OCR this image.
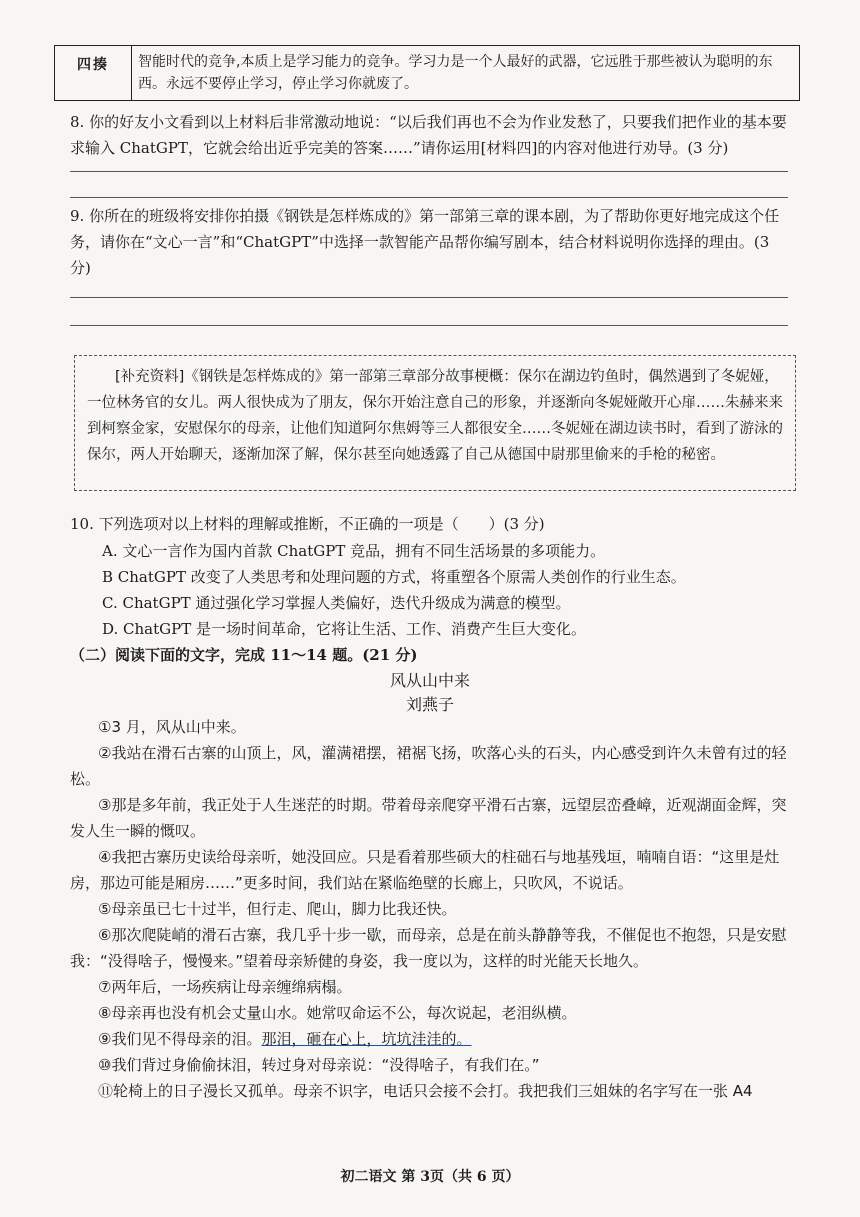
四揍	智能时代的竞争,本质上是学习能力的竞争。学习力是一个人最好的武器，它远胜于那些被认为聪明的东西。永远不要停止学习，停止学习你就废了。
8. 你的好友小文看到以上材料后非常激动地说：“以后我们再也不会为作业发愁了，只要我们把作业的基本要求输入 ChatGPT，它就会给出近乎完美的答案……”请你运用[材料四]的内容对他进行劝导。(3 分)
9. 你所在的班级将安排你拍摄《钢铁是怎样炼成的》第一部第三章的课本剧，为了帮助你更好地完成这个任务，请你在“文心一言”和“ChatGPT”中选择一款智能产品帮你编写剧本，结合材料说明你选择的理由。(3 分)
[补充资料]《钢铁是怎样炼成的》第一部第三章部分故事梗概：保尔在湖边钓鱼时，偶然遇到了冬妮娅，一位林务官的女儿。两人很快成为了朋友，保尔开始注意自己的形象，并逐渐向冬妮娅敞开心扉……朱赫来来到柯察金家，安慰保尔的母亲，让他们知道阿尔焦姆等三人都很安全……冬妮娅在湖边读书时，看到了游泳的保尔，两人开始聊天，逐渐加深了解，保尔甚至向她透露了自己从德国中尉那里偷来的手枪的秘密。
10. 下列选项对以上材料的理解或推断，不正确的一项是（　　）(3 分)
A. 文心一言作为国内首款 ChatGPT 竞品，拥有不同生活场景的多项能力。
B ChatGPT 改变了人类思考和处理问题的方式，将重塑各个原需人类创作的行业生态。
C. ChatGPT 通过强化学习掌握人类偏好，迭代升级成为满意的模型。
D. ChatGPT 是一场时间革命，它将让生活、工作、消费产生巨大变化。
（二）阅读下面的文字，完成 11～14 题。(21 分)
风从山中来
刘燕子
①3 月，风从山中来。
②我站在滑石古寨的山顶上，风，灌满裙摆，裙裾飞扬，吹落心头的石头，内心感受到许久未曾有过的轻松。
③那是多年前，我正处于人生迷茫的时期。带着母亲爬穿平滑石古寨，远望层峦叠嶂，近观湖面金辉，突发人生一瞬的慨叹。
④我把古寨历史读给母亲听，她没回应。只是看着那些硕大的柱础石与地基残垣，喃喃自语：“这里是灶房，那边可能是厢房……”更多时间，我们站在紧临绝壁的长廊上，只吹风，不说话。
⑤母亲虽已七十过半，但行走、爬山，脚力比我还快。
⑥那次爬陡峭的滑石古寨，我几乎十步一歇，而母亲，总是在前头静静等我，不催促也不抱怨，只是安慰我：“没得啥子，慢慢来。”望着母亲矫健的身姿，我一度以为，这样的时光能天长地久。
⑦两年后，一场疾病让母亲缠绵病榻。
⑧母亲再也没有机会丈量山水。她常叹命运不公，每次说起，老泪纵横。
⑨我们见不得母亲的泪。那泪，砸在心上，坑坑洼洼的。
⑩我们背过身偷偷抹泪，转过身对母亲说：“没得啥子，有我们在。”
⑪轮椅上的日子漫长又孤单。母亲不识字，电话只会接不会打。我把我们三姐妹的名字写在一张 A4
初二语文 第 3页（共 6 页）
